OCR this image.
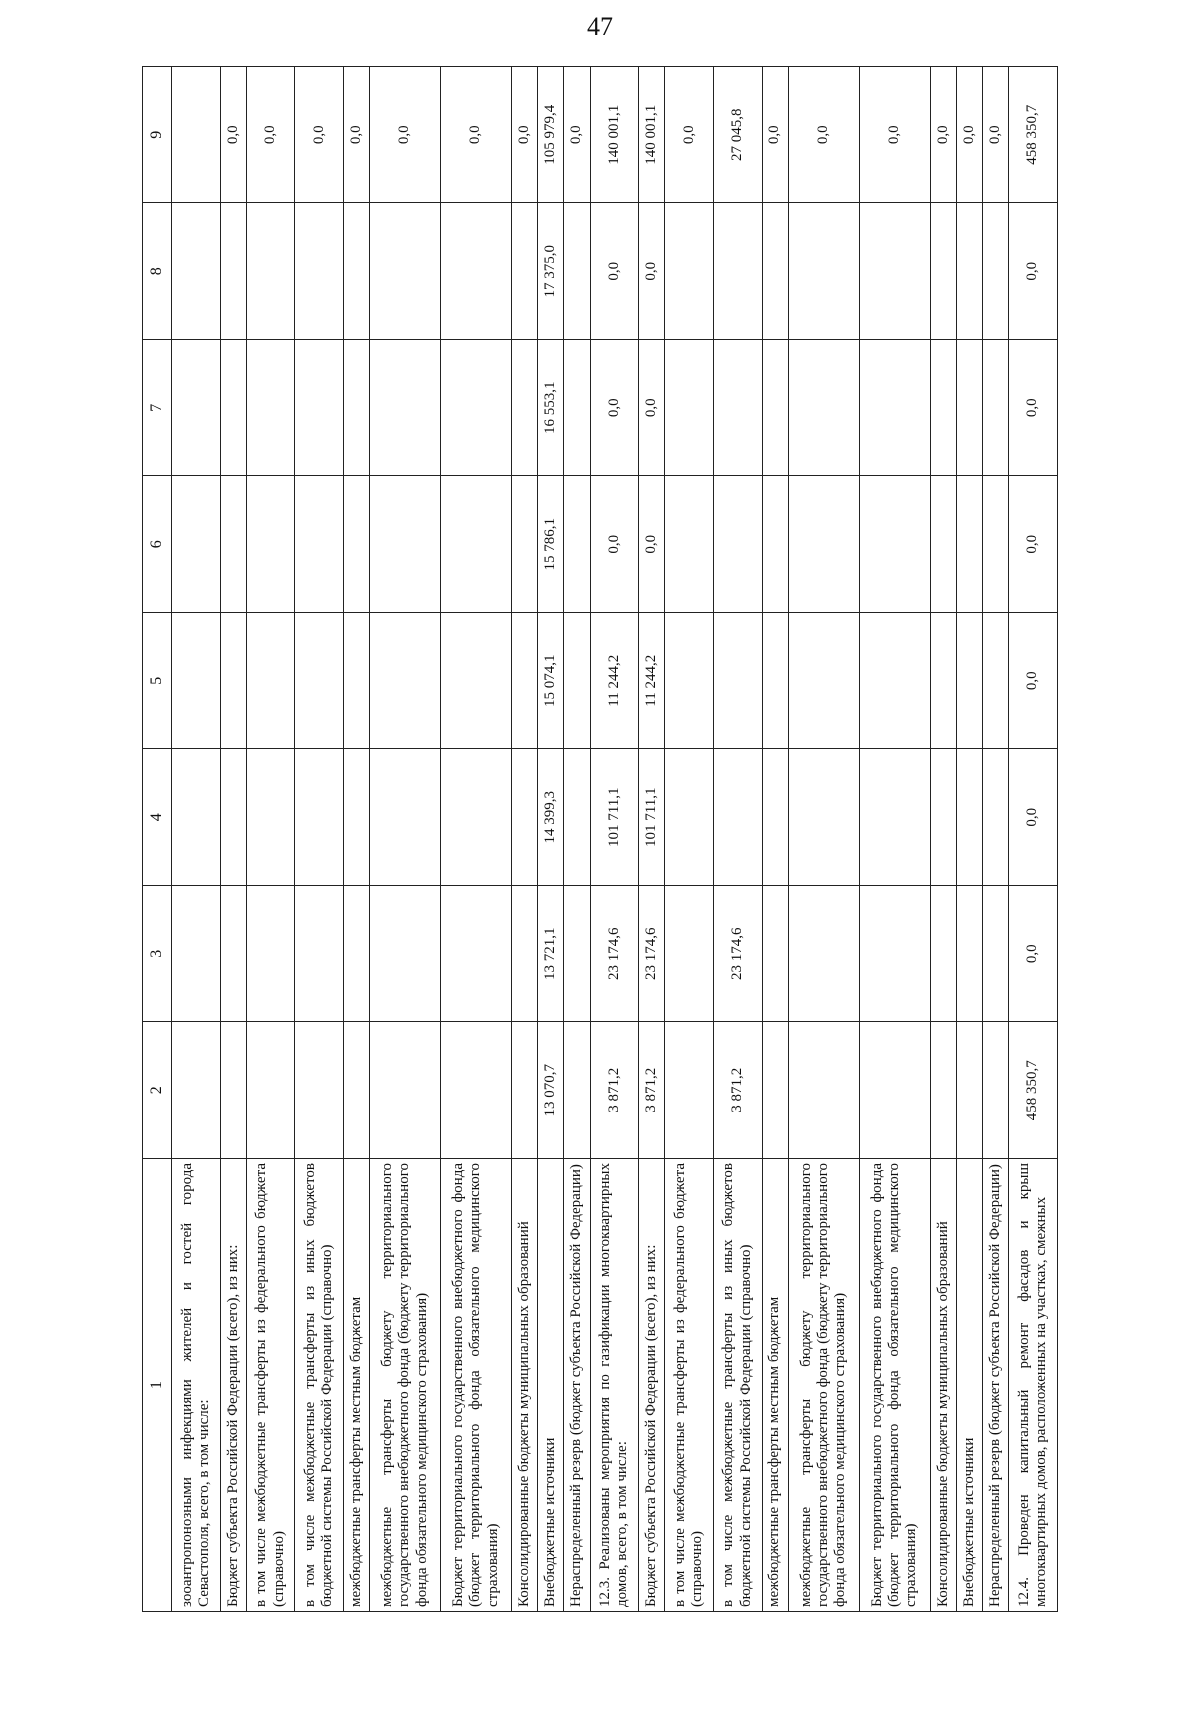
47
1	2	3	4	5	6	7	8	9
зооантропонозными инфекциями жителей и гостей города Севастополя, всего, в том числе:								
Бюджет субъекта Российской Федерации (всего), из них:								0,0
в том числе межбюджетные трансферты из федерального бюджета (справочно)								0,0
в том числе межбюджетные трансферты из иных бюджетов бюджетной системы Российской Федерации (справочно)								0,0
межбюджетные трансферты местным бюджетам								0,0
межбюджетные трансферты бюджету территориального государственного внебюджетного фонда (бюджету территориального фонда обязательного медицинского страхования)								0,0
Бюджет территориального государственного внебюджетного фонда (бюджет территориального фонда обязательного медицинского страхования)								0,0
Консолидированные бюджеты муниципальных образований								0,0
Внебюджетные источники	13 070,7	13 721,1	14 399,3	15 074,1	15 786,1	16 553,1	17 375,0	105 979,4
Нераспределенный резерв (бюджет субъекта Российской Федерации)								0,0
12.3. Реализованы мероприятия по газификации многоквартирных домов, всего, в том числе:	3 871,2	23 174,6	101 711,1	11 244,2	0,0	0,0	0,0	140 001,1
Бюджет субъекта Российской Федерации (всего), из них:	3 871,2	23 174,6	101 711,1	11 244,2	0,0	0,0	0,0	140 001,1
в том числе межбюджетные трансферты из федерального бюджета (справочно)								0,0
в том числе межбюджетные трансферты из иных бюджетов бюджетной системы Российской Федерации (справочно)	3 871,2	23 174,6						27 045,8
межбюджетные трансферты местным бюджетам								0,0
межбюджетные трансферты бюджету территориального государственного внебюджетного фонда (бюджету территориального фонда обязательного медицинского страхования)								0,0
Бюджет территориального государственного внебюджетного фонда (бюджет территориального фонда обязательного медицинского страхования)								0,0
Консолидированные бюджеты муниципальных образований								0,0
Внебюджетные источники								0,0
Нераспределенный резерв (бюджет субъекта Российской Федерации)								0,0
12.4. Проведен капитальный ремонт фасадов и крыш многоквартирных домов, расположенных на участках, смежных	458 350,7	0,0	0,0	0,0	0,0	0,0	0,0	458 350,7
